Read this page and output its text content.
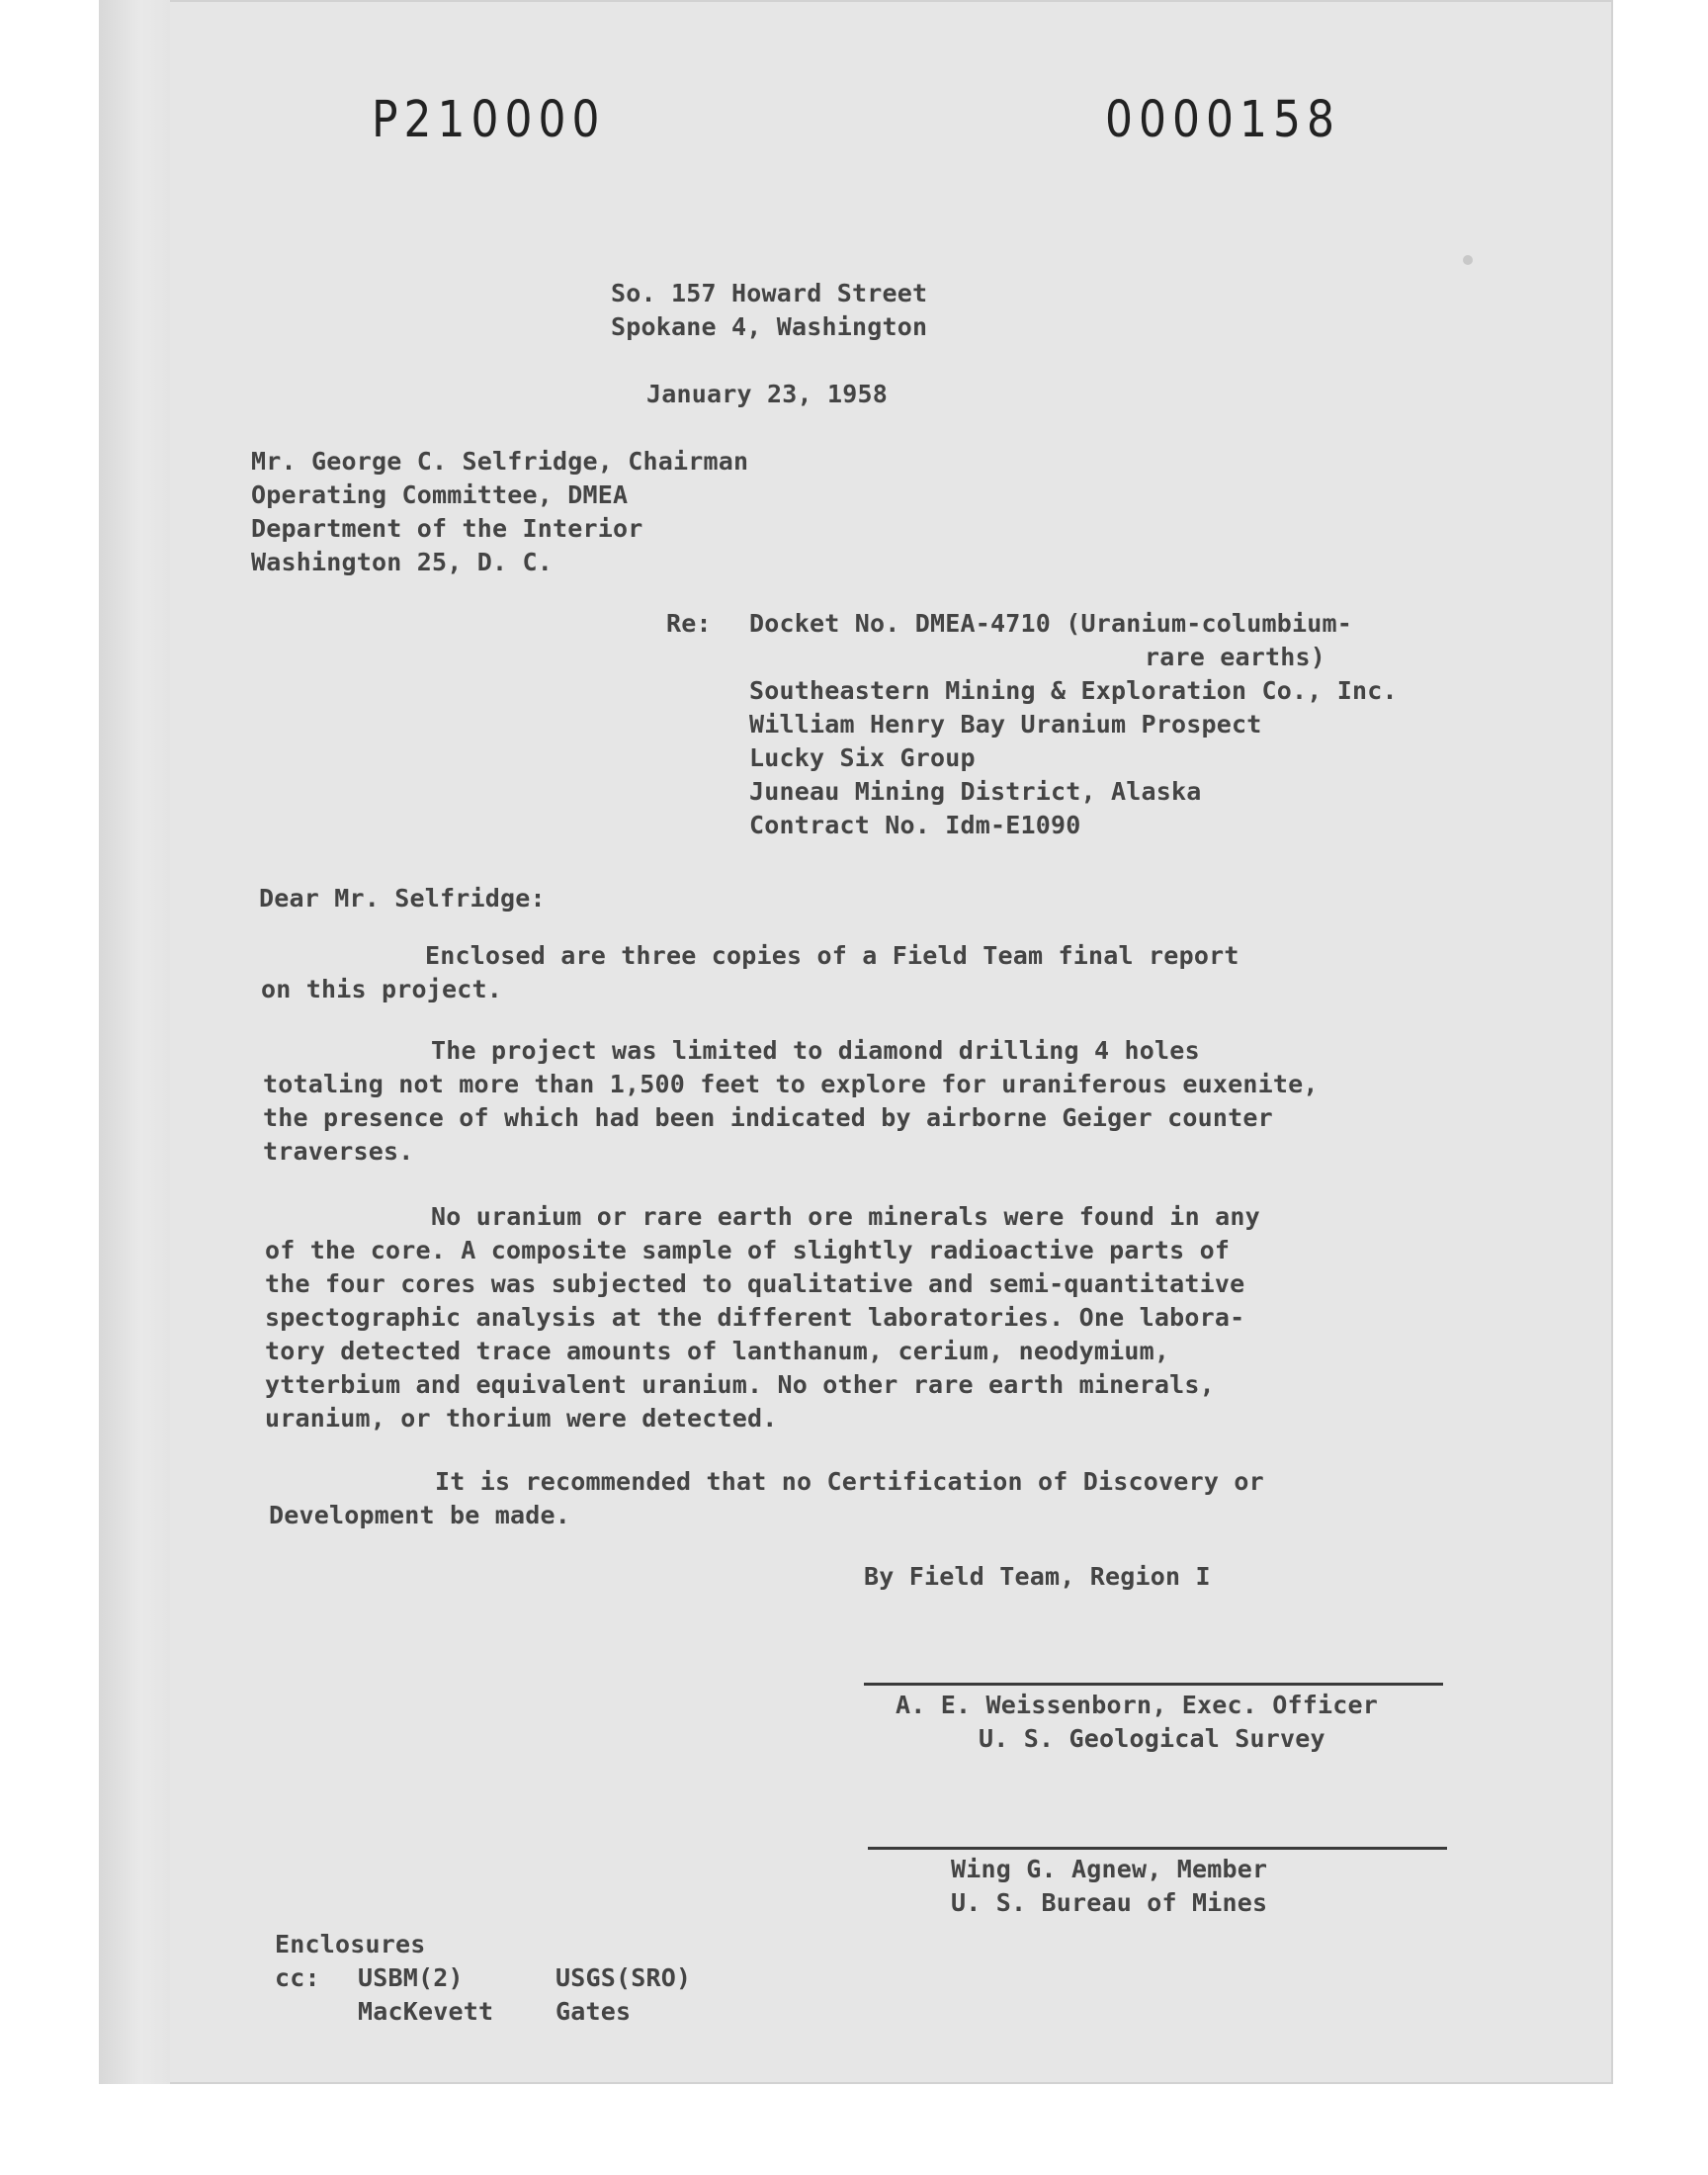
P210000	0000158
So. 157 Howard Street
Spokane 4, Washington
January 23, 1958
Mr. George C. Selfridge, Chairman
Operating Committee, DMEA
Department of the Interior
Washington 25, D. C.
Re: Docket No. DMEA-4710 (Uranium-columbium-
rare earths)
Southeastern Mining & Exploration Co., Inc.
William Henry Bay Uranium Prospect
Lucky Six Group
Juneau Mining District, Alaska
Contract No. Idm-E1090
Dear Mr. Selfridge:
Enclosed are three copies of a Field Team final report
on this project.
The project was limited to diamond drilling 4 holes
totaling not more than 1,500 feet to explore for uraniferous euxenite,
the presence of which had been indicated by airborne Geiger counter
traverses.
No uranium or rare earth ore minerals were found in any
of the core. A composite sample of slightly radioactive parts of
the four cores was subjected to qualitative and semi-quantitative
spectographic analysis at the different laboratories. One labora-
tory detected trace amounts of lanthanum, cerium, neodymium,
ytterbium and equivalent uranium. No other rare earth minerals,
uranium, or thorium were detected.
It is recommended that no Certification of Discovery or
Development be made.
By Field Team, Region I
A. E. Weissenborn, Exec. Officer
U. S. Geological Survey
Wing G. Agnew, Member
U. S. Bureau of Mines
Enclosures
cc: USBM(2)
MacKevett
USGS(SRO)
Gates
